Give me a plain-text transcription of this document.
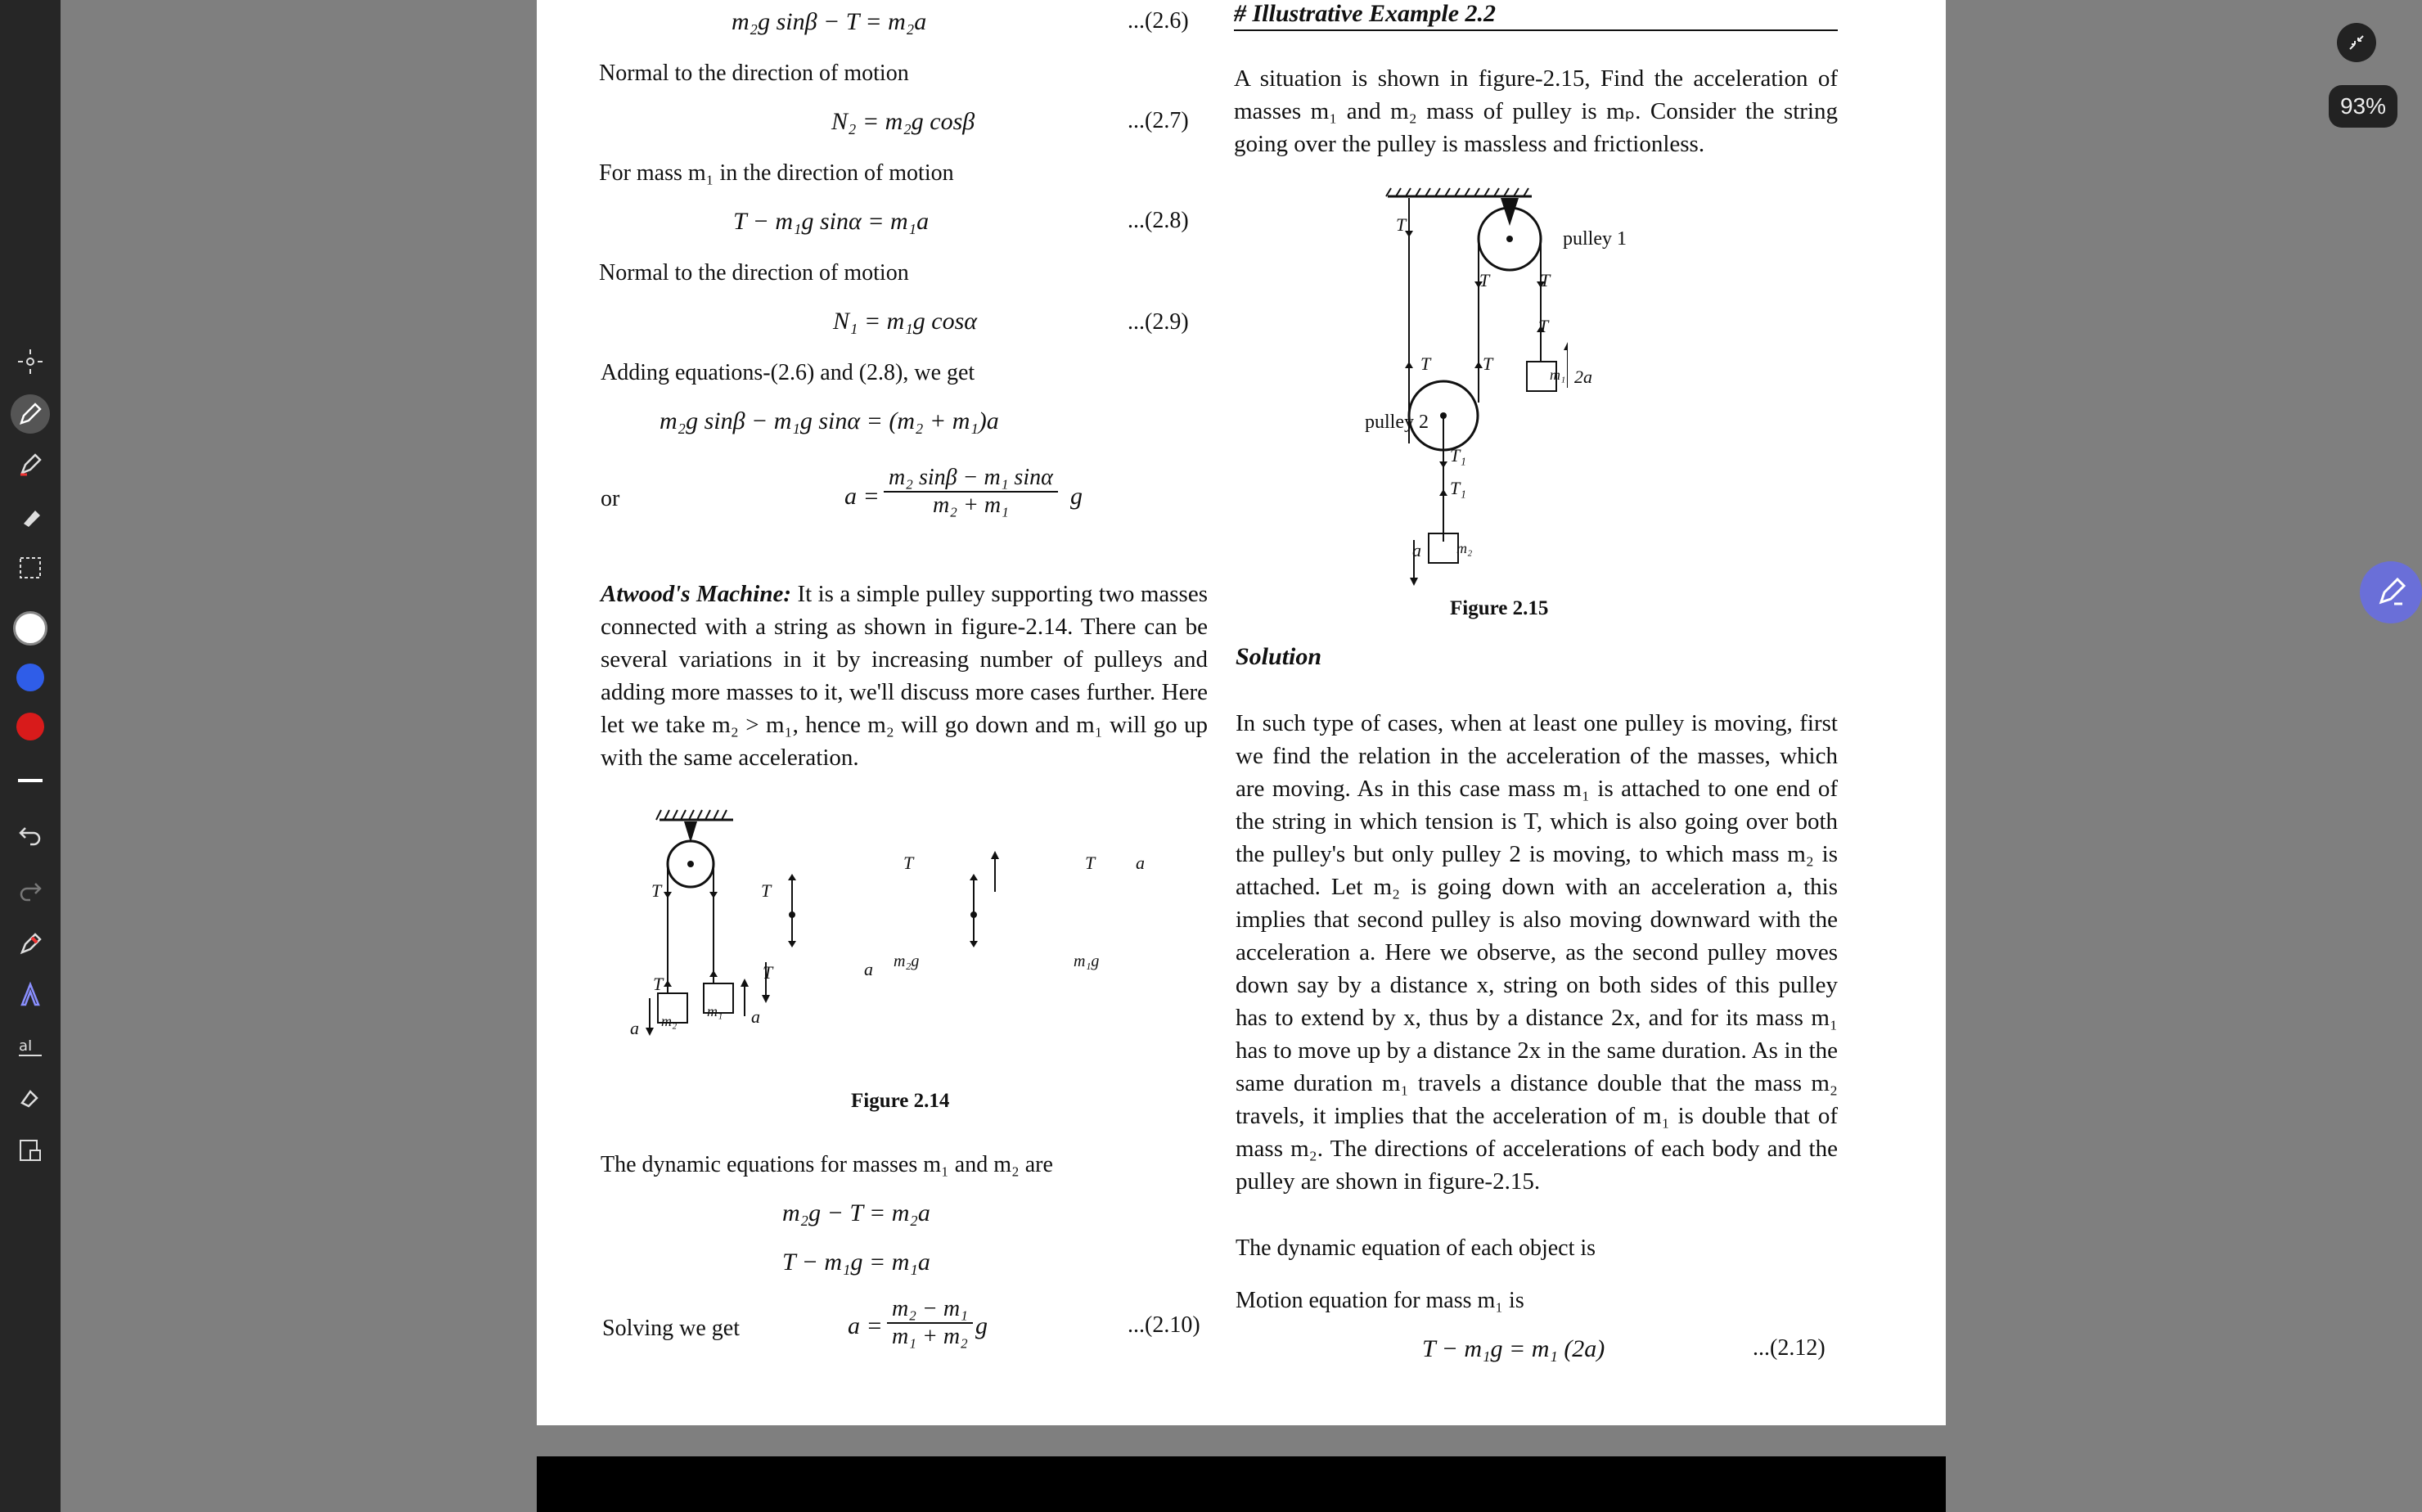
aI
m₂g sinβ − T = m₂a	...(2.6)
Normal to the direction of motion
N₂ = m₂g cosβ	...(2.7)
For mass m₁ in the direction of motion
T − m₁g sinα = m₁a	...(2.8)
Normal to the direction of motion
N₁ = m₁g cosα	...(2.9)
Adding equations-(2.6) and (2.8), we get
m₂g sinβ − m₁g sinα = (m₂ + m₁)a
or	$a = \frac{\text{m₂ sinβ − m₁ sinα}}{\text{m₂ + m₁}}$ g

Atwood's Machine: It is a simple pulley supporting two masses connected with a string as shown in figure-2.14. There can be several variations in it by increasing number of pulleys and adding more masses to it, we'll discuss more cases further. Here let we take m₂ > m₁, hence m₂ will go down and m₁ will go up with the same acceleration.

T	T
T
T
m₂
m₁
a
a
T
m₂g
a
T
m₁g
a
Figure 2.14
The dynamic equations for masses m₁ and m₂ are
m₂g − T = m₂a
T − m₁g = m₁a
Solving we get	$a = \frac{\text{m₂ − m₁}}{\text{m₁ + m₂}}$ g	...(2.10)
# Illustrative Example 2.2
A situation is shown in figure-2.15, Find the acceleration of masses m₁ and m₂ mass of pulley is mₚ. Consider the string going over the pulley is massless and frictionless.
T
T	T
T
T	T
T₁
T₁
m₁ 2a
m₂
a
pulley 1
pulley 2
Figure 2.15
Solution
In such type of cases, when at least one pulley is moving, first we find the relation in the acceleration of the masses, which are moving. As in this case mass m₁ is attached to one end of the string in which tension is T, which is also going over both the pulley's but only pulley 2 is moving, to which mass m₂ is attached. Let m₂ is going down with an acceleration a, this implies that second pulley is also moving downward with the acceleration a. Here we observe, as the second pulley moves down say by a distance x, string on both sides of this pulley has to extend by x, thus by a distance 2x, and for its mass m₁ has to move up by a distance 2x in the same duration. As in the same duration m₁ travels a distance double that the mass m₂ travels, it implies that the acceleration of m₁ is double that of mass m₂. The directions of accelerations of each body and the pulley are shown in figure-2.15.
The dynamic equation of each object is
Motion equation for mass m₁ is
T − m₁g = m₁ (2a)	...(2.12)
93%
